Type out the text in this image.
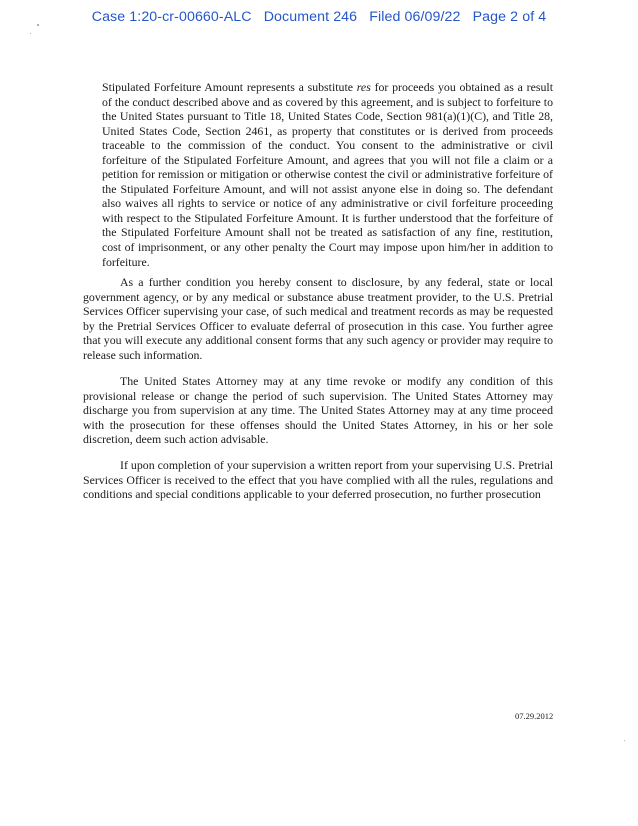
Case 1:20-cr-00660-ALC Document 246 Filed 06/09/22 Page 2 of 4

Stipulated Forfeiture Amount represents a substitute res for proceeds you obtained as a result of the conduct described above and as covered by this agreement, and is subject to forfeiture to the United States pursuant to Title 18, United States Code, Section 981(a)(1)(C), and Title 28, United States Code, Section 2461, as property that constitutes or is derived from proceeds traceable to the commission of the conduct. You consent to the administrative or civil forfeiture of the Stipulated Forfeiture Amount, and agrees that you will not file a claim or a petition for remission or mitigation or otherwise contest the civil or administrative forfeiture of the Stipulated Forfeiture Amount, and will not assist anyone else in doing so. The defendant also waives all rights to service or notice of any administrative or civil forfeiture proceeding with respect to the Stipulated Forfeiture Amount. It is further understood that the forfeiture of the Stipulated Forfeiture Amount shall not be treated as satisfaction of any fine, restitution, cost of imprisonment, or any other penalty the Court may impose upon him/her in addition to forfeiture.

As a further condition you hereby consent to disclosure, by any federal, state or local government agency, or by any medical or substance abuse treatment provider, to the U.S. Pretrial Services Officer supervising your case, of such medical and treatment records as may be requested by the Pretrial Services Officer to evaluate deferral of prosecution in this case. You further agree that you will execute any additional consent forms that any such agency or provider may require to release such information.

The United States Attorney may at any time revoke or modify any condition of this provisional release or change the period of such supervision. The United States Attorney may discharge you from supervision at any time. The United States Attorney may at any time proceed with the prosecution for these offenses should the United States Attorney, in his or her sole discretion, deem such action advisable.

If upon completion of your supervision a written report from your supervising U.S. Pretrial Services Officer is received to the effect that you have complied with all the rules, regulations and conditions and special conditions applicable to your deferred prosecution, no further prosecution

07.29.2012
